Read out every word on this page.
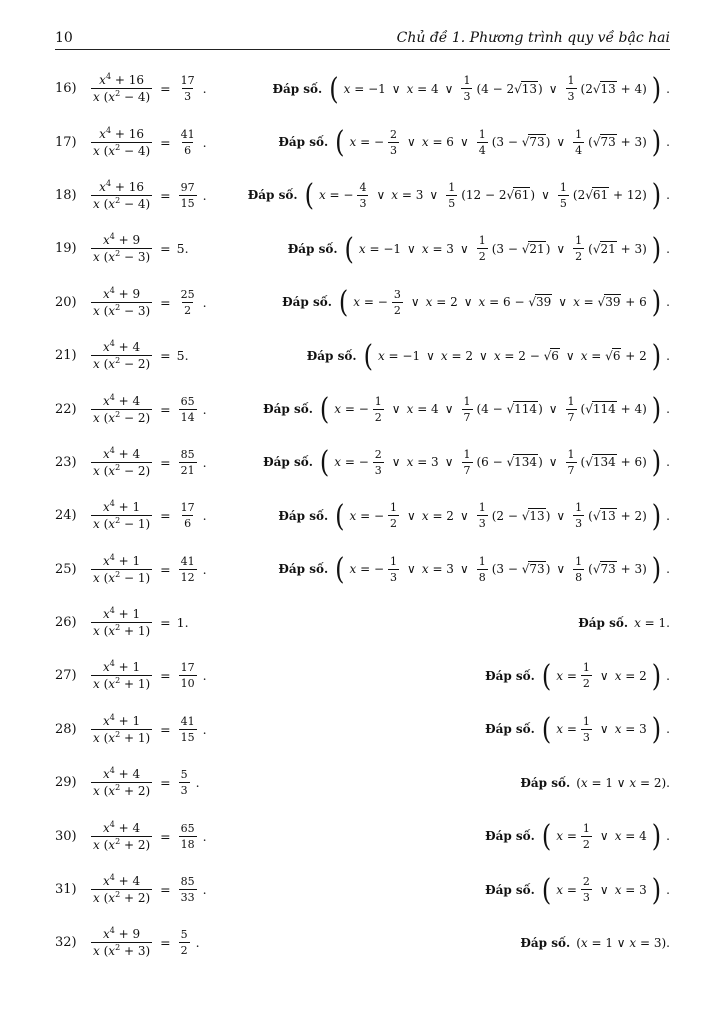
10	Chủ đề 1. Phương trình quy về bậc hai
16)	$\frac{x^4 + 16}{x (x^2 - 4)} = \frac{17}{3}$ .	Đáp số. ( x = −1 ∨ x = 4 ∨ $\frac{1}{3} (4 - 2√13)$ ∨ $\frac{1}{3} (2√13 + 4)$ ) .
17)	$\frac{x^4 + 16}{x (x^2 - 4)} = \frac{41}{6}$ .	Đáp số. ( x = − $\frac{2}{3}$ ∨ x = 6 ∨ $\frac{1}{4} (3 - √73)$ ∨ $\frac{1}{4} (√73 + 3)$ ) .
18)	$\frac{x^4 + 16}{x (x^2 - 4)} = \frac{97}{15}$ .	Đáp số. ( x = − $\frac{4}{3}$ ∨ x = 3 ∨ $\frac{1}{5} (12 - 2√61)$ ∨ $\frac{1}{5} (2√61 + 12)$ ) .
19)	$\frac{x^4 + 9}{x (x^2 - 3)} = 5$.	Đáp số. ( x = −1 ∨ x = 3 ∨ $\frac{1}{2} (3 - √21)$ ∨ $\frac{1}{2} (√21 + 3)$ ) .
20)	$\frac{x^4 + 9}{x (x^2 - 3)} = \frac{25}{2}$ .	Đáp số. ( x = − $\frac{3}{2}$ ∨ x = 2 ∨ x = 6 − √39 ∨ x = √39 + 6 ) .
21)	$\frac{x^4 + 4}{x (x^2 - 2)} = 5$.	Đáp số. ( x = −1 ∨ x = 2 ∨ x = 2 − √6 ∨ x = √6 + 2 ) .
22)	$\frac{x^4 + 4}{x (x^2 - 2)} = \frac{65}{14}$ .	Đáp số. ( x = − $\frac{1}{2}$ ∨ x = 4 ∨ $\frac{1}{7} (4 - √114)$ ∨ $\frac{1}{7} (√114 + 4)$ ) .
23)	$\frac{x^4 + 4}{x (x^2 - 2)} = \frac{85}{21}$ .	Đáp số. ( x = − $\frac{2}{3}$ ∨ x = 3 ∨ $\frac{1}{7} (6 - √134)$ ∨ $\frac{1}{7} (√134 + 6)$ ) .
24)	$\frac{x^4 + 1}{x (x^2 - 1)} = \frac{17}{6}$ .	Đáp số. ( x = − $\frac{1}{2}$ ∨ x = 2 ∨ $\frac{1}{3} (2 - √13)$ ∨ $\frac{1}{3} (√13 + 2)$ ) .
25)	$\frac{x^4 + 1}{x (x^2 - 1)} = \frac{41}{12}$ .	Đáp số. ( x = − $\frac{1}{3}$ ∨ x = 3 ∨ $\frac{1}{8} (3 - √73)$ ∨ $\frac{1}{8} (√73 + 3)$ ) .
26)	$\frac{x^4 + 1}{x (x^2 + 1)} = 1$.	Đáp số. x = 1.
27)	$\frac{x^4 + 1}{x (x^2 + 1)} = \frac{17}{10}$ .	Đáp số. ( $x = \frac{1}{2}$ ∨ x = 2 ) .
28)	$\frac{x^4 + 1}{x (x^2 + 1)} = \frac{41}{15}$ .	Đáp số. ( $x = \frac{1}{3}$ ∨ x = 3 ) .
29)	$\frac{x^4 + 4}{x (x^2 + 2)} = \frac{5}{3}$ .	Đáp số. (x = 1 ∨ x = 2).
30)	$\frac{x^4 + 4}{x (x^2 + 2)} = \frac{65}{18}$ .	Đáp số. ( $x = \frac{1}{2}$ ∨ x = 4 ) .
31)	$\frac{x^4 + 4}{x (x^2 + 2)} = \frac{85}{33}$ .	Đáp số. ( $x = \frac{2}{3}$ ∨ x = 3 ) .
32)	$\frac{x^4 + 9}{x (x^2 + 3)} = \frac{5}{2}$ .	Đáp số. (x = 1 ∨ x = 3).
